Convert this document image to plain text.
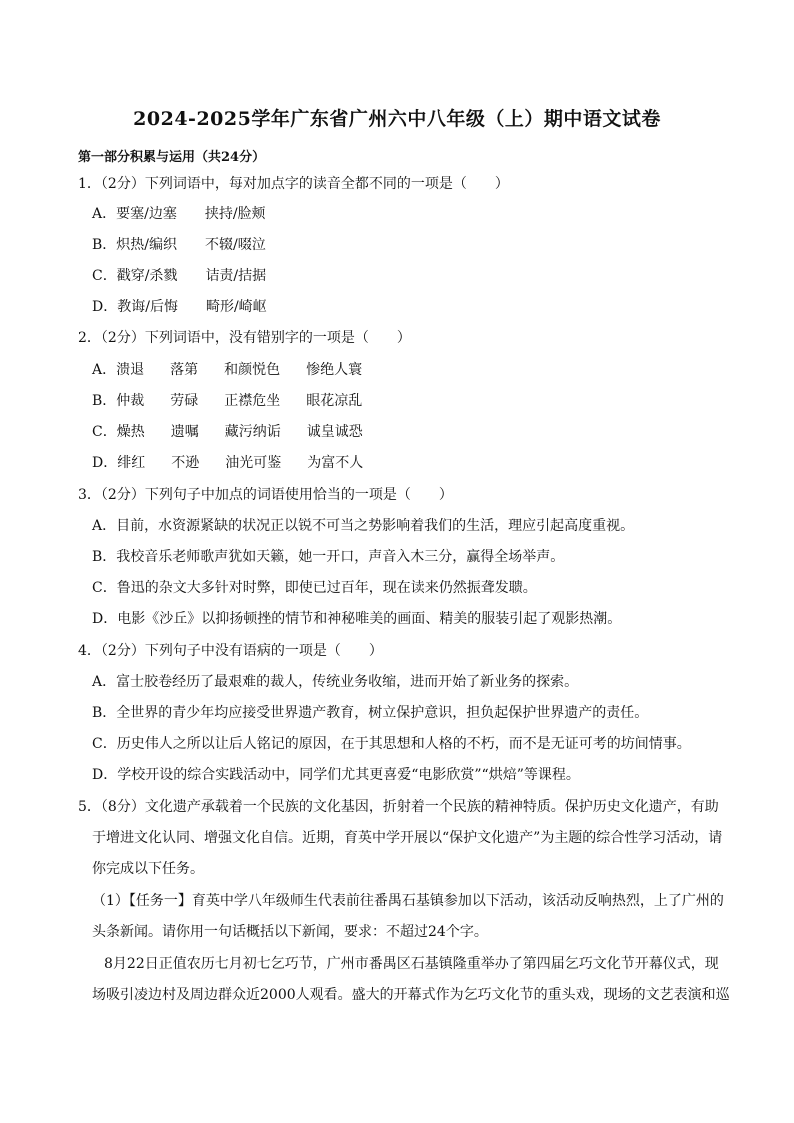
2024-2025学年广东省广州六中八年级（上）期中语文试卷
第一部分积累与运用（共24分）
1．（2分）下列词语中，每对加点字的读音全都不同的一项是（　　）
A．要塞/边塞 挟持/脸颊
B．炽热/编织 不辍/啜泣
C．戳穿/杀戮 诘责/拮据
D．教诲/后悔 畸形/崎岖
2．（2分）下列词语中，没有错别字的一项是（　　）
A．溃退 落第 和颜悦色 惨绝人寰
B．仲裁 劳碌 正襟危坐 眼花凉乱
C．燥热 遗嘱 藏污纳诟 诚皇诚恐
D．绯红 不逊 油光可鉴 为富不人
3．（2分）下列句子中加点的词语使用恰当的一项是（　　）
A．目前，水资源紧缺的状况正以锐不可当之势影响着我们的生活，理应引起高度重视。
B．我校音乐老师歌声犹如天籁，她一开口，声音入木三分，赢得全场举声。
C．鲁迅的杂文大多针对时弊，即使已过百年，现在读来仍然振聋发聩。
D．电影《沙丘》以抑扬顿挫的情节和神秘唯美的画面、精美的服装引起了观影热潮。
4．（2分）下列句子中没有语病的一项是（　　）
A．富士胶卷经历了最艰难的裁人，传统业务收缩，进而开始了新业务的探索。
B．全世界的青少年均应接受世界遗产教育，树立保护意识，担负起保护世界遗产的责任。
C．历史伟人之所以让后人铭记的原因，在于其思想和人格的不朽，而不是无证可考的坊间情事。
D．学校开设的综合实践活动中，同学们尤其更喜爱“电影欣赏”“烘焙”等课程。
5．（8分）文化遗产承载着一个民族的文化基因，折射着一个民族的精神特质。保护历史文化遗产，有助
于增进文化认同、增强文化自信。近期，育英中学开展以“保护文化遗产”为主题的综合性学习活动，请
你完成以下任务。
（1）【任务一】育英中学八年级师生代表前往番禺石基镇参加以下活动，该活动反响热烈，上了广州的
头条新闻。请你用一句话概括以下新闻，要求：不超过24个字。
8月22日正值农历七月初七乞巧节，广州市番禺区石基镇隆重举办了第四届乞巧文化节开幕仪式，现
场吸引凌边村及周边群众近2000人观看。盛大的开幕式作为乞巧文化节的重头戏，现场的文艺表演和巡
